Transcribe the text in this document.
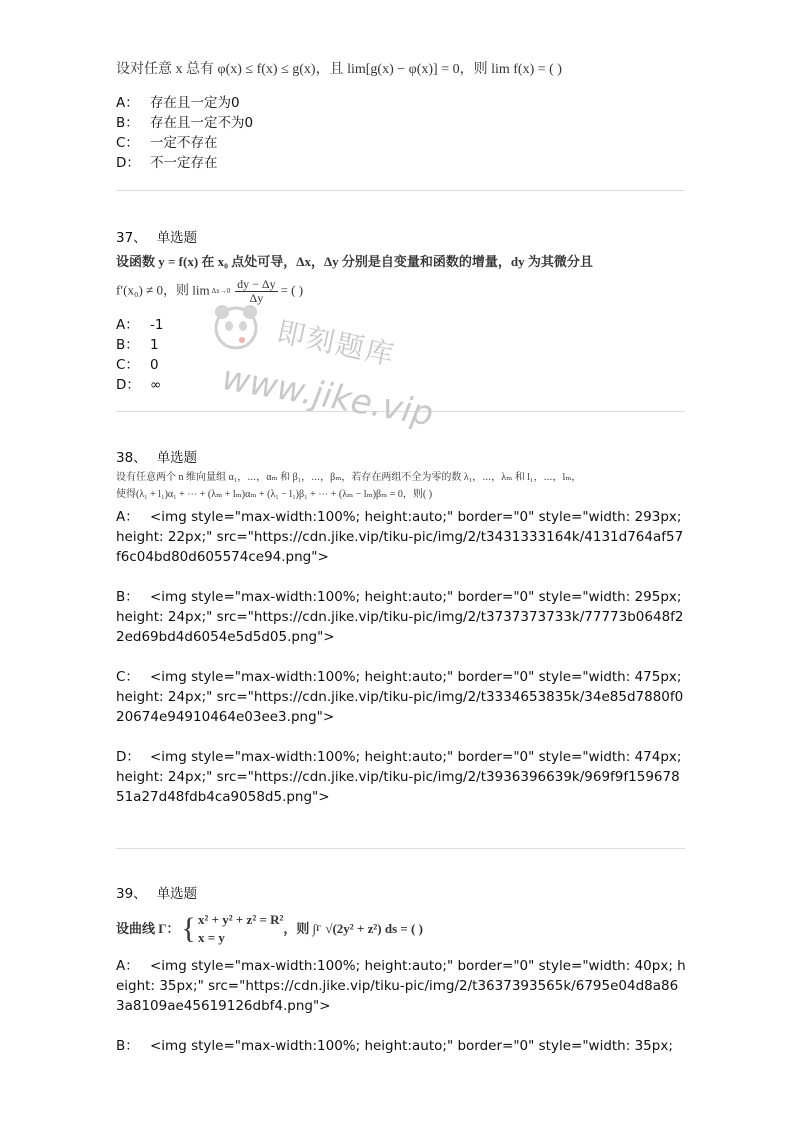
设对任意 x 总有 φ(x) ≤ f(x) ≤ g(x)，且 lim[g(x) − φ(x)] = 0，则 lim f(x) = ( )
A： 存在且一定为0
B： 存在且一定不为0
C： 一定不存在
D： 不一定存在
37、 单选题
设函数 y = f(x) 在 x₀ 点处可导，Δx，Δy 分别是自变量和函数的增量，dy 为其微分且
f′(x₀) ≠ 0，则 $\lim \Delta x\to 0 \frac{dy - \Delta y}{\Delta y}$ = ( )
A： -1
B： 1
C： 0
D： ∞
38、 单选题
设有任意两个 n 维向量组 α₁，⋯，αₘ 和 β₁，⋯，βₘ，若存在两组不全为零的数 λ₁，⋯，λₘ 和 l₁，⋯，lₘ，
使得(λ₁ + l₁)α₁ + ⋯ + (λₘ + lₘ)αₘ + (λ₁ − l₁)β₁ + ⋯ + (λₘ − lₘ)βₘ = 0，则( )
A： <img style="max-width:100%; height:auto;" border="0" style="width: 293px; height: 22px;" src="https://cdn.jike.vip/tiku-pic/img/2/t3431333164k/4131d764af57f6c04bd80d605574ce94.png">
B： <img style="max-width:100%; height:auto;" border="0" style="width: 295px; height: 24px;" src="https://cdn.jike.vip/tiku-pic/img/2/t3737373733k/77773b0648f22ed69bd4d6054e5d5d05.png">
C： <img style="max-width:100%; height:auto;" border="0" style="width: 475px; height: 24px;" src="https://cdn.jike.vip/tiku-pic/img/2/t3334653835k/34e85d7880f020674e94910464e03ee3.png">
D： <img style="max-width:100%; height:auto;" border="0" style="width: 474px; height: 24px;" src="https://cdn.jike.vip/tiku-pic/img/2/t3936396639k/969f9f15967851a27d48fdb4ca9058d5.png">
39、 单选题
设曲线 Γ： { x² + y² + z² = R²
x = y
，则 ∫ Γ √(2y² + z²) ds = ( )
A： <img style="max-width:100%; height:auto;" border="0" style="width: 40px; height: 35px;" src="https://cdn.jike.vip/tiku-pic/img/2/t3637393565k/6795e04d8a863a8109ae45619126dbf4.png">
B： <img style="max-width:100%; height:auto;" border="0" style="width: 35px;
即刻题库
www.jike.vip
